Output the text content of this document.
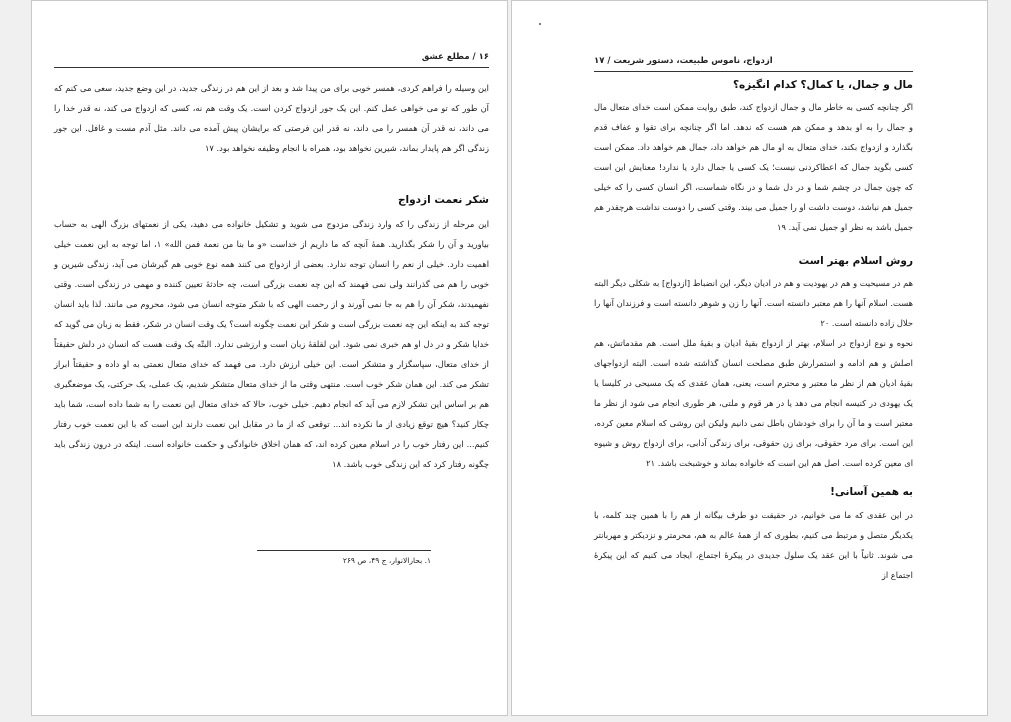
۱۶ / مطلع عشق

این وسیله را فراهم کردی، همسر خوبی برای من پیدا شد و بعد از این هم در زندگی جدید، در این وضع جدید، سعی می کنم که آن طور که تو می خواهی عمل کنم. این یک جور ازدواج کردن است. یک وقت هم نه، کسی که ازدواج می کند، نه قدر خدا را می داند، نه قدر آن همسر را می داند، نه قدر این فرصتی که برایشان پیش آمده می داند. مثل آدم مست و غافل. این جور زندگی اگر هم پایدار بماند، شیرین نخواهد بود، همراه با انجام وظیفه نخواهد بود. ۱۷

شکر نعمت ازدواج

این مرحله از زندگی را که وارد زندگی مزدوج می شوید و تشکیل خانواده می دهید، یکی از نعمتهای بزرگ الهی به حساب بیاورید و آن را شکر بگذارید. همهٔ آنچه که ما داریم از خداست «و ما بنا من نعمة فمن الله» ۱، اما توجه به این نعمت خیلی اهمیت دارد. خیلی از نعم را انسان توجه ندارد. بعضی از ازدواج می کنند همه نوع خوبی هم گیرشان می آید، زندگی شیرین و خوبی را هم می گذرانند ولی نمی فهمند که این چه نعمت بزرگی است، چه حادثهٔ تعیین کننده و مهمی در زندگی است. وقتی نفهمیدند، شکر آن را هم به جا نمی آورند و از رحمت الهی که با شکر متوجه انسان می شود، محروم می مانند. لذا باید انسان توجه کند به اینکه این چه نعمت بزرگی است و شکر این نعمت چگونه است؟ یک وقت انسان در شکر، فقط به زبان می گوید که خدایا شکر و در دل او هم خبری نمی شود. این لقلقهٔ زبان است و ارزشی ندارد. البتّه یک وقت هست که انسان در دلش حقیقتاً از خدای متعال، سپاسگزار و متشکر است. این خیلی ارزش دارد. می فهمد که خدای متعال نعمتی به او داده و حقیقتاً ابراز تشکر می کند. این همان شکر خوب است. منتهی وقتی ما از خدای متعال متشکر شدیم، یک عملی، یک حرکتی، یک موضعگیری هم بر اساس این تشکر لازم می آید که انجام دهیم. خیلی خوب، حالا که خدای متعال این نعمت را به شما داده است، شما باید چکار کنید؟ هیچ توقع زیادی از ما نکرده اند... توقعی که از ما در مقابل این نعمت دارند این است که با این نعمت خوب رفتار کنیم... این رفتار خوب را در اسلام معین کرده اند، که همان اخلاق خانوادگی و حکمت خانواده است. اینکه در درون زندگی باید چگونه رفتار کرد که این زندگی خوب باشد. ۱۸

۱. بحارالانوار، ج ۴۹، ص ۲۶۹
ازدواج، ناموس طبیعت، دستور شریعت / ۱۷
مال و جمال، یا کمال؟ کدام انگیزه؟

اگر چنانچه کسی به خاطر مال و جمال ازدواج کند، طبق روایت ممکن است خدای متعال مال و جمال را به او بدهد و ممکن هم هست که ندهد. اما اگر چنانچه برای تقوا و عفاف قدم بگذارد و ازدواج بکند، خدای متعال به او مال هم خواهد داد، جمال هم خواهد داد. ممکن است کسی بگوید جمال که اعطاکردنی نیست؛ یک کسی یا جمال دارد یا ندارد! معنایش این است که چون جمال در چشم شما و در دل شما و در نگاه شماست، اگر انسان کسی را که خیلی جمیل هم نباشد، دوست داشت او را جمیل می بیند. وقتی کسی را دوست نداشت هرچقدر هم جمیل باشد به نظر او جمیل نمی آید. ۱۹

روش اسلام بهتر است

هم در مسیحیت و هم در یهودیت و هم در ادیان دیگر، این انضباط [ازدواج] به شکلی دیگر البته هست. اسلام آنها را هم معتبر دانسته است. آنها را زن و شوهر دانسته است و فرزندان آنها را حلال زاده دانسته است. ۲۰

نحوه و نوع ازدواج در اسلام، بهتر از ازدواج بقیهٔ ادیان و بقیهٔ ملل است. هم مقدماتش، هم اصلش و هم ادامه و استمرارش طبق مصلحت انسان گذاشته شده است. البته ازدواجهای بقیهٔ ادیان هم از نظر ما معتبر و محترم است، یعنی، همان عقدی که یک مسیحی در کلیسا یا یک یهودی در کنیسه انجام می دهد یا در هر قوم و ملتی، هر طوری انجام می شود از نظر ما معتبر است و ما آن را برای خودشان باطل نمی دانیم ولیکن این روشی که اسلام معین کرده، این است. برای مرد حقوقی، برای زن حقوقی، برای زندگی آدابی، برای ازدواج روش و شیوه ای معین کرده است. اصل هم این است که خانواده بماند و خوشبخت باشد. ۲۱

به همین آسانی!

در این عقدی که ما می خوانیم، در حقیقت دو طرف بیگانه از هم را با همین چند کلمه، با یکدیگر متصل و مرتبط می کنیم، بطوری که از همهٔ عالم به هم، محرمتر و نزدیکتر و مهربانتر می شوند. ثانیاً با این عقد یک سلول جدیدی در پیکرهٔ اجتماع، ایجاد می کنیم که این پیکرهٔ اجتماع از
